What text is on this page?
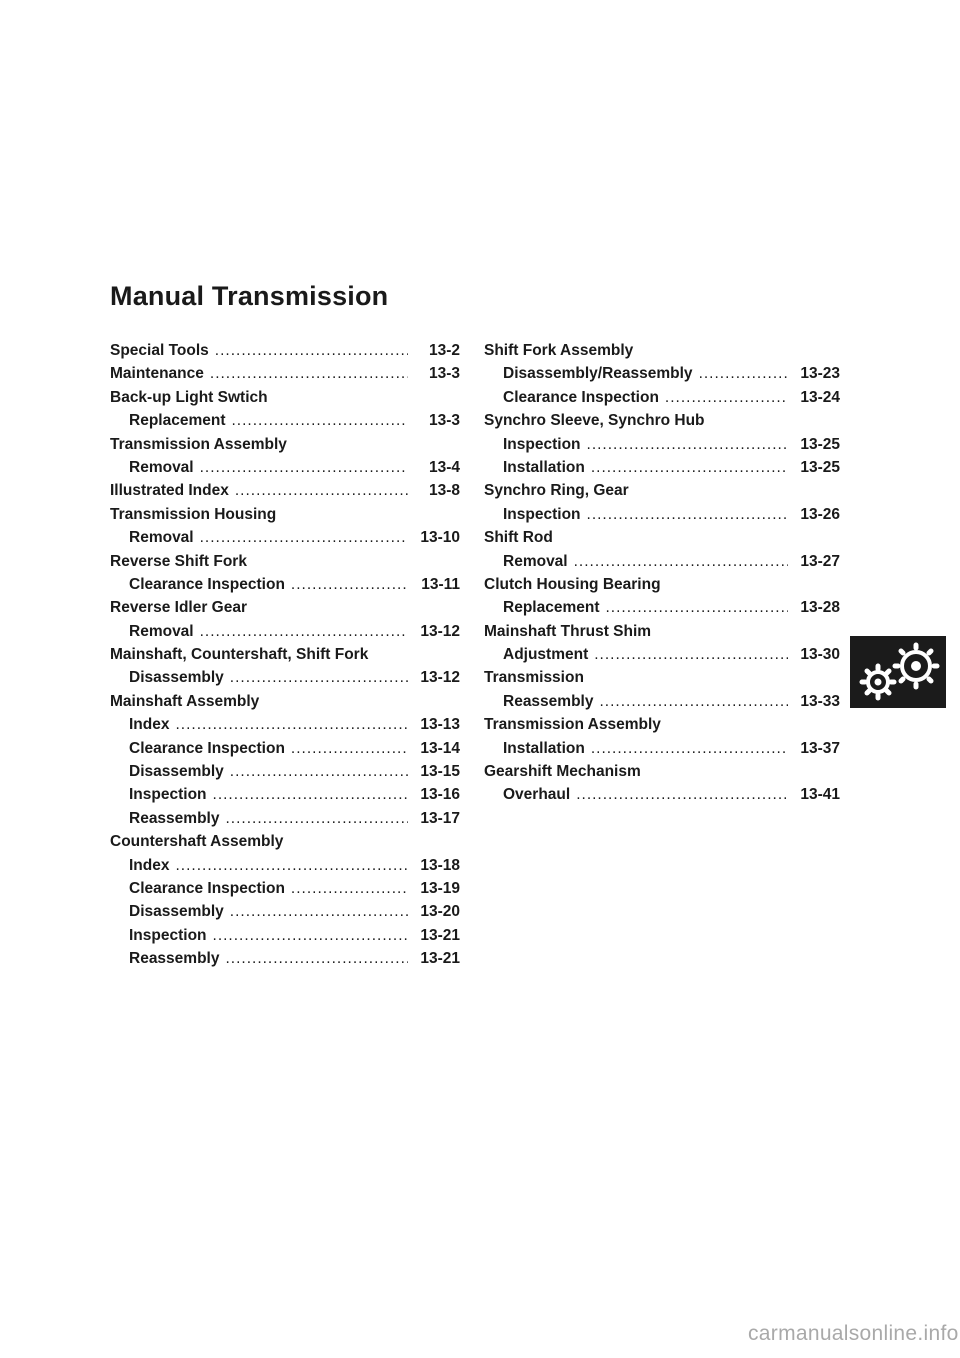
Manual Transmission
Special Tools .....	13-2
Maintenance .....	13-3
Back-up Light Swtich
Replacement .....	13-3
Transmission Assembly
Removal .....	13-4
Illustrated Index .....	13-8
Transmission Housing
Removal .....	13-10
Reverse Shift Fork
Clearance Inspection .....	13-11
Reverse Idler Gear
Removal .....	13-12
Mainshaft, Countershaft, Shift Fork
Disassembly .....	13-12
Mainshaft Assembly
Index .....	13-13
Clearance Inspection .....	13-14
Disassembly .....	13-15
Inspection .....	13-16
Reassembly .....	13-17
Countershaft Assembly
Index .....	13-18
Clearance Inspection .....	13-19
Disassembly .....	13-20
Inspection .....	13-21
Reassembly .....	13-21
Shift Fork Assembly
Disassembly/Reassembly .....	13-23
Clearance Inspection .....	13-24
Synchro Sleeve, Synchro Hub
Inspection .....	13-25
Installation .....	13-25
Synchro Ring, Gear
Inspection .....	13-26
Shift Rod
Removal .....	13-27
Clutch Housing Bearing
Replacement .....	13-28
Mainshaft Thrust Shim
Adjustment .....	13-30
Transmission
Reassembly .....	13-33
Transmission Assembly
Installation .....	13-37
Gearshift Mechanism
Overhaul .....	13-41
carmanualsonline.info
